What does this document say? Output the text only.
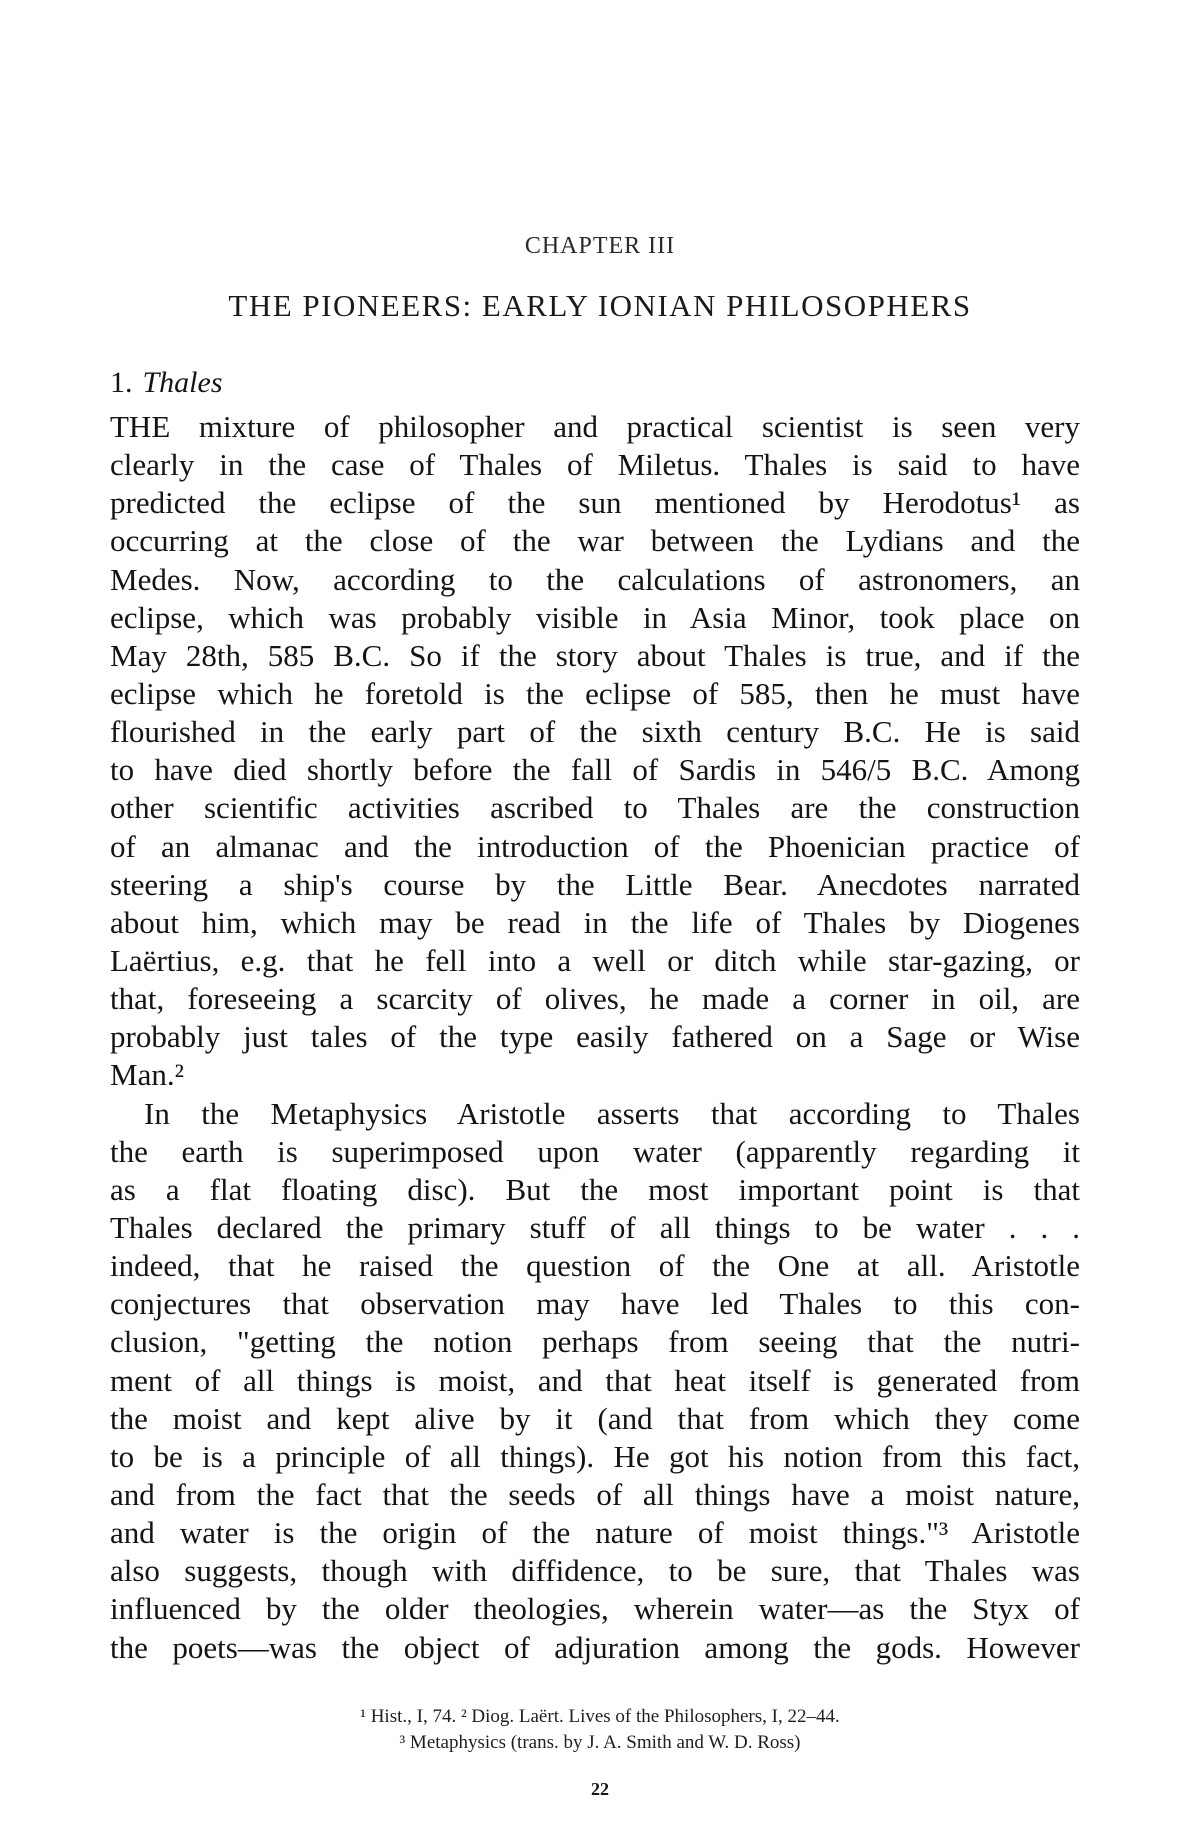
CHAPTER III
THE PIONEERS: EARLY IONIAN PHILOSOPHERS
1. Thales
THE mixture of philosopher and practical scientist is seen very
clearly in the case of Thales of Miletus. Thales is said to have
predicted the eclipse of the sun mentioned by Herodotus¹ as
occurring at the close of the war between the Lydians and the
Medes. Now, according to the calculations of astronomers, an
eclipse, which was probably visible in Asia Minor, took place on
May 28th, 585 B.C. So if the story about Thales is true, and if the
eclipse which he foretold is the eclipse of 585, then he must have
flourished in the early part of the sixth century B.C. He is said
to have died shortly before the fall of Sardis in 546/5 B.C. Among
other scientific activities ascribed to Thales are the construction
of an almanac and the introduction of the Phoenician practice of
steering a ship's course by the Little Bear. Anecdotes narrated
about him, which may be read in the life of Thales by Diogenes
Laërtius, e.g. that he fell into a well or ditch while star-gazing, or
that, foreseeing a scarcity of olives, he made a corner in oil, are
probably just tales of the type easily fathered on a Sage or Wise
Man.²
In the Metaphysics Aristotle asserts that according to Thales
the earth is superimposed upon water (apparently regarding it
as a flat floating disc). But the most important point is that
Thales declared the primary stuff of all things to be water . . .
indeed, that he raised the question of the One at all. Aristotle
conjectures that observation may have led Thales to this con-
clusion, "getting the notion perhaps from seeing that the nutri-
ment of all things is moist, and that heat itself is generated from
the moist and kept alive by it (and that from which they come
to be is a principle of all things). He got his notion from this fact,
and from the fact that the seeds of all things have a moist nature,
and water is the origin of the nature of moist things."³ Aristotle
also suggests, though with diffidence, to be sure, that Thales was
influenced by the older theologies, wherein water—as the Styx of
the poets—was the object of adjuration among the gods. However
¹ Hist., I, 74. ² Diog. Laërt. Lives of the Philosophers, I, 22–44.
³ Metaphysics (trans. by J. A. Smith and W. D. Ross)
22
